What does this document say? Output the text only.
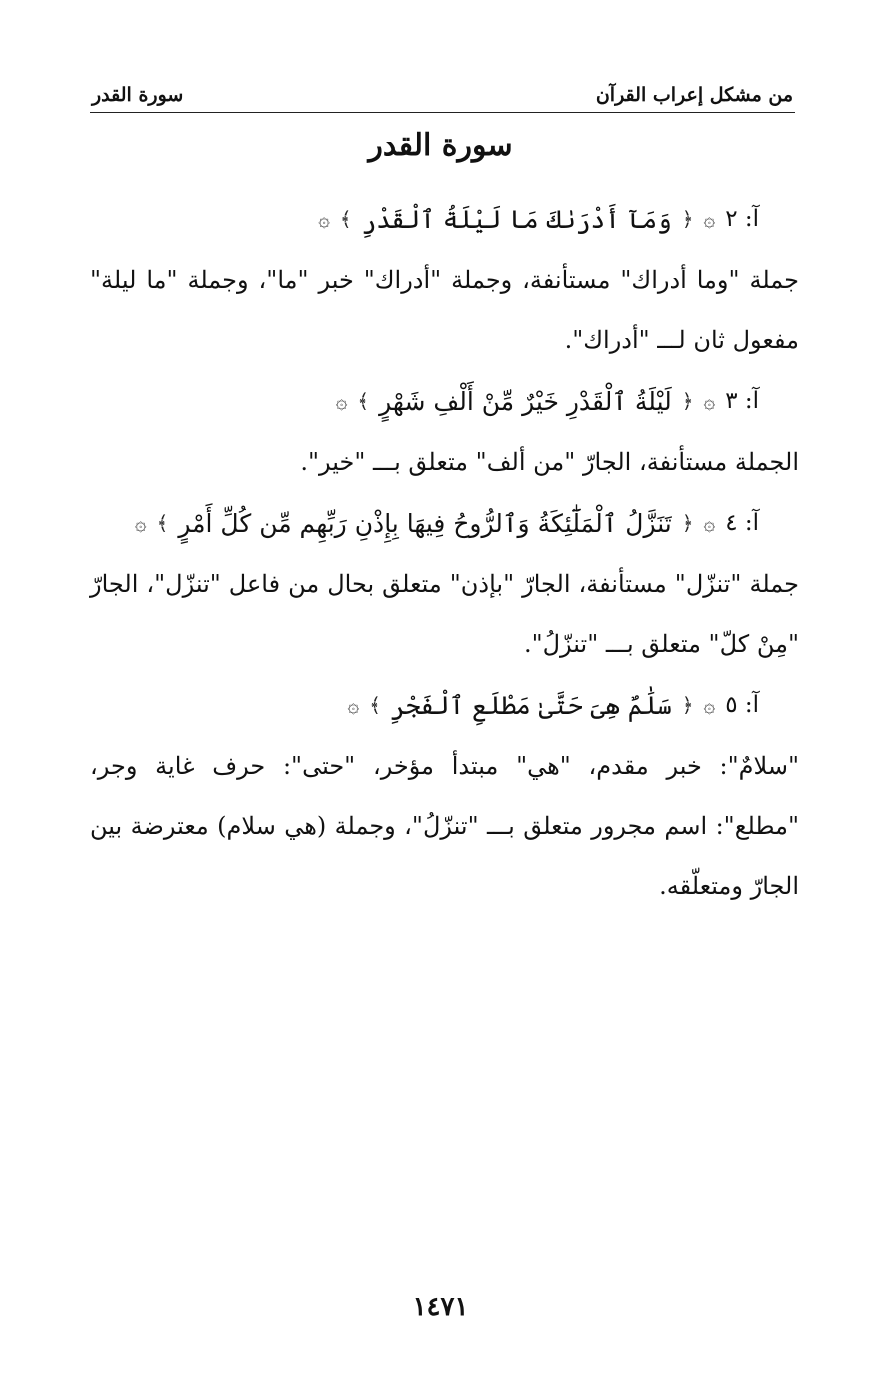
من مشكل إعراب القرآن
سورة القدر
سورة القدر
آ: ٢
۞
﴿
وَمَآ أَدْرَىٰكَ مَا لَيْلَةُ ٱلْقَدْرِ
﴾
۞

جملة "وما أدراك" مستأنفة، وجملة "أدراك" خبر "ما"، وجملة "ما ليلة" مفعول ثان لـــ "أدراك".

آ: ٣
۞
﴿
لَيْلَةُ ٱلْقَدْرِ خَيْرٌ مِّنْ أَلْفِ شَهْرٍ
﴾
۞

الجملة مستأنفة، الجارّ "من ألف" متعلق بـــ "خير".

آ: ٤
۞
﴿
تَنَزَّلُ ٱلْمَلَٰٓئِكَةُ وَٱلرُّوحُ فِيهَا بِإِذْنِ رَبِّهِم مِّن كُلِّ أَمْرٍ
﴾
۞

جملة "تنزّل" مستأنفة، الجارّ "بإذن" متعلق بحال من فاعل "تنزّل"، الجارّ "مِنْ كلّ" متعلق بـــ "تنزّلُ".

آ: ٥
۞
﴿
سَلَٰمٌ هِىَ حَتَّىٰ مَطْلَعِ ٱلْفَجْرِ
﴾
۞

"سلامٌ": خبر مقدم، "هي" مبتدأ مؤخر، "حتى": حرف غاية وجر، "مطلع": اسم مجرور متعلق بـــ "تنزّلُ"، وجملة (هي سلام) معترضة بين الجارّ ومتعلّقه.

١٤٧١
